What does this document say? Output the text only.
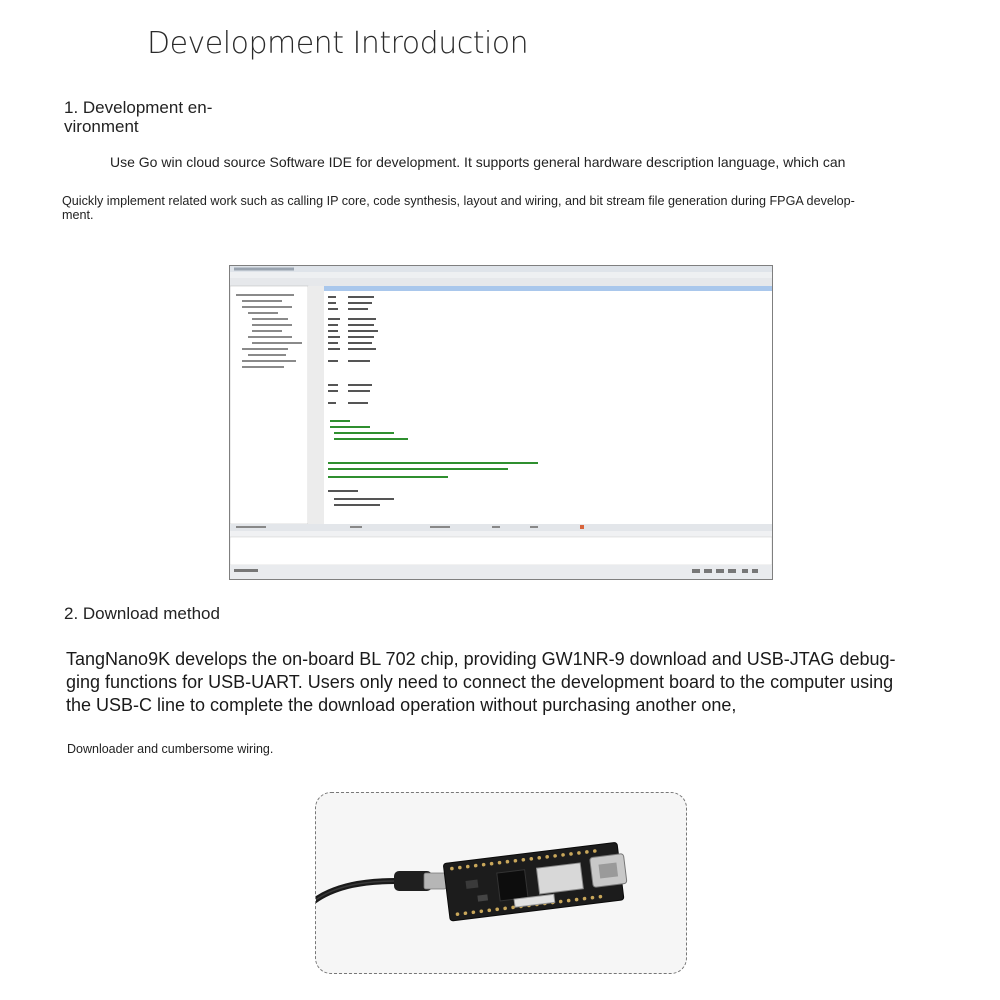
Development Introduction
1. Development en-
vironment
Use Go win cloud source Software IDE for development. It supports general hardware description language, which can
Quickly implement related work such as calling IP core, code synthesis, layout and wiring, and bit stream file generation during FPGA develop-
ment.
2. Download method
TangNano9K develops the on-board BL 702 chip, providing GW1NR-9 download and USB-JTAG debug-
ging functions for USB-UART. Users only need to connect the development board to the computer using
the USB-C line to complete the download operation without purchasing another one,
Downloader and cumbersome wiring.
